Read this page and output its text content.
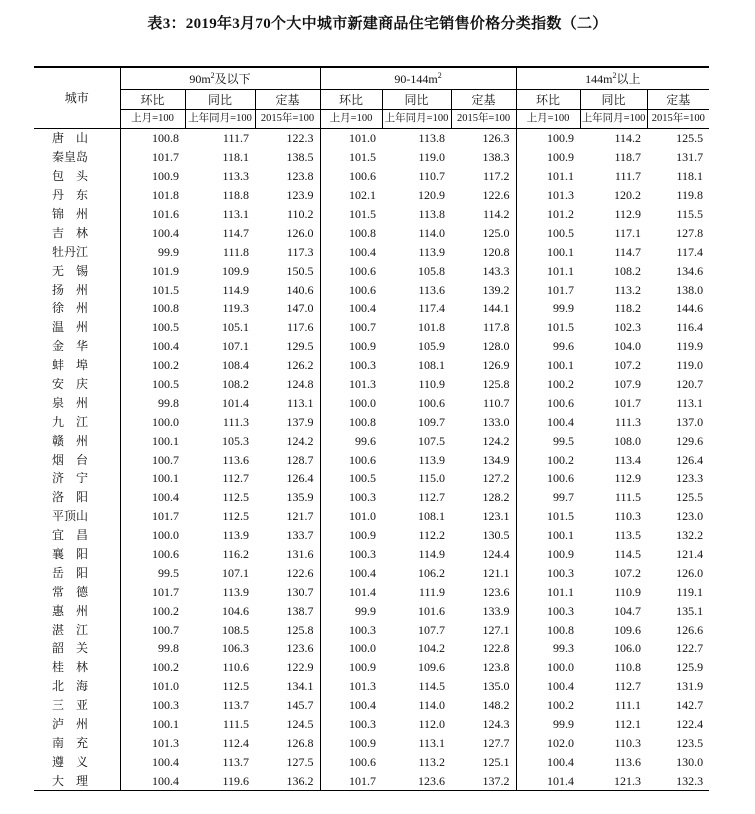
表3：2019年3月70个大中城市新建商品住宅销售价格分类指数（二）
城市	$90m^2$及以下			$90-144m^2$			$144m^2$以上		
	环比	同比	定基	环比	同比	定基	环比	同比	定基
	上月=100	上年同月=100	2015年=100	上月=100	上年同月=100	2015年=100	上月=100	上年同月=100	2015年=100
唐　山	100.8	111.7	122.3	101.0	113.8	126.3	100.9	114.2	125.5
秦皇岛	101.7	118.1	138.5	101.5	119.0	138.3	100.9	118.7	131.7
包　头	100.9	113.3	123.8	100.6	110.7	117.2	101.1	111.7	118.1
丹　东	101.8	118.8	123.9	102.1	120.9	122.6	101.3	120.2	119.8
锦　州	101.6	113.1	110.2	101.5	113.8	114.2	101.2	112.9	115.5
吉　林	100.4	114.7	126.0	100.8	114.0	125.0	100.5	117.1	127.8
牡丹江	99.9	111.8	117.3	100.4	113.9	120.8	100.1	114.7	117.4
无　锡	101.9	109.9	150.5	100.6	105.8	143.3	101.1	108.2	134.6
扬　州	101.5	114.9	140.6	100.6	113.6	139.2	101.7	113.2	138.0
徐　州	100.8	119.3	147.0	100.4	117.4	144.1	99.9	118.2	144.6
温　州	100.5	105.1	117.6	100.7	101.8	117.8	101.5	102.3	116.4
金　华	100.4	107.1	129.5	100.9	105.9	128.0	99.6	104.0	119.9
蚌　埠	100.2	108.4	126.2	100.3	108.1	126.9	100.1	107.2	119.0
安　庆	100.5	108.2	124.8	101.3	110.9	125.8	100.2	107.9	120.7
泉　州	99.8	101.4	113.1	100.0	100.6	110.7	100.6	101.7	113.1
九　江	100.0	111.3	137.9	100.8	109.7	133.0	100.4	111.3	137.0
赣　州	100.1	105.3	124.2	99.6	107.5	124.2	99.5	108.0	129.6
烟　台	100.7	113.6	128.7	100.6	113.9	134.9	100.2	113.4	126.4
济　宁	100.1	112.7	126.4	100.5	115.0	127.2	100.6	112.9	123.3
洛　阳	100.4	112.5	135.9	100.3	112.7	128.2	99.7	111.5	125.5
平顶山	101.7	112.5	121.7	101.0	108.1	123.1	101.5	110.3	123.0
宜　昌	100.0	113.9	133.7	100.9	112.2	130.5	100.1	113.5	132.2
襄　阳	100.6	116.2	131.6	100.3	114.9	124.4	100.9	114.5	121.4
岳　阳	99.5	107.1	122.6	100.4	106.2	121.1	100.3	107.2	126.0
常　德	101.7	113.9	130.7	101.4	111.9	123.6	101.1	110.9	119.1
惠　州	100.2	104.6	138.7	99.9	101.6	133.9	100.3	104.7	135.1
湛　江	100.7	108.5	125.8	100.3	107.7	127.1	100.8	109.6	126.6
韶　关	99.8	106.3	123.6	100.0	104.2	122.8	99.3	106.0	122.7
桂　林	100.2	110.6	122.9	100.9	109.6	123.8	100.0	110.8	125.9
北　海	101.0	112.5	134.1	101.3	114.5	135.0	100.4	112.7	131.9
三　亚	100.3	113.7	145.7	100.4	114.0	148.2	100.2	111.1	142.7
泸　州	100.1	111.5	124.5	100.3	112.0	124.3	99.9	112.1	122.4
南　充	101.3	112.4	126.8	100.9	113.1	127.7	102.0	110.3	123.5
遵　义	100.4	113.7	127.5	100.6	113.2	125.1	100.4	113.6	130.0
大　理	100.4	119.6	136.2	101.7	123.6	137.2	101.4	121.3	132.3
